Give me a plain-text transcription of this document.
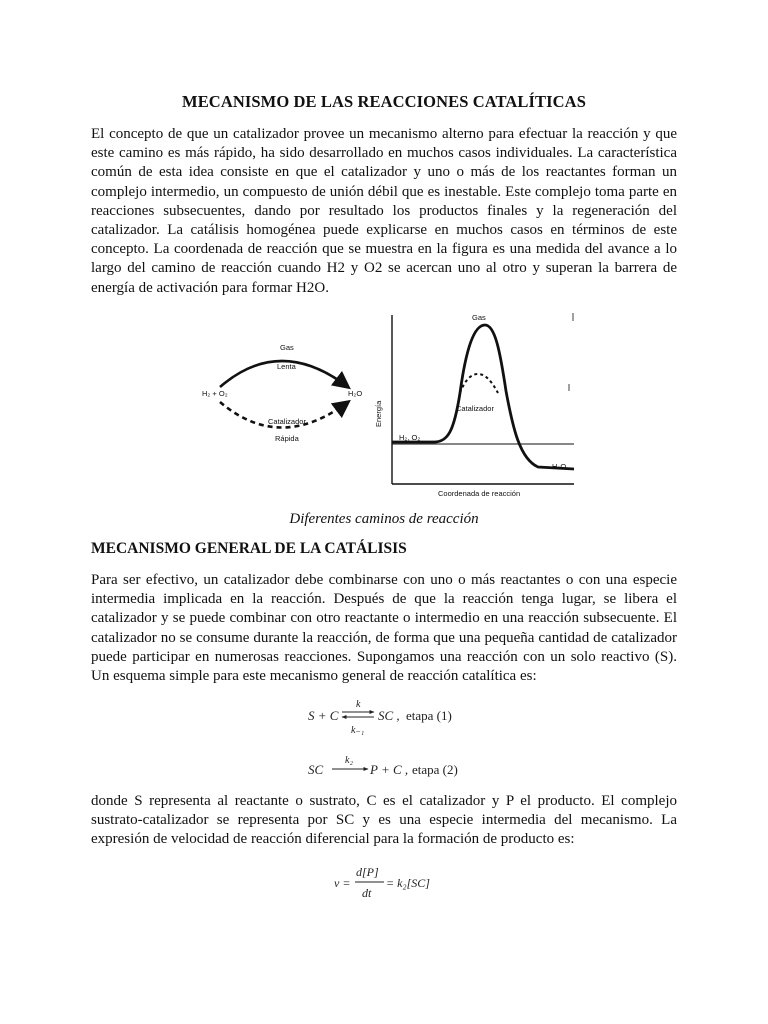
MECANISMO DE LAS REACCIONES CATALÍTICAS

El concepto de que un catalizador provee un mecanismo alterno para efectuar la reacción y que este camino es más rápido, ha sido desarrollado en muchos casos individuales. La característica común de esta idea consiste en que el catalizador y uno o más de los reactantes forman un complejo intermedio, un compuesto de unión débil que es inestable. Este complejo toma parte en reacciones subsecuentes, dando por resultado los productos finales y la regeneración del catalizador. La catálisis homogénea puede explicarse en muchos casos en términos de este concepto. La coordenada de reacción que se muestra en la figura es una medida del avance a lo largo del camino de reacción cuando H2 y O2 se acercan uno al otro y superan la barrera de energía de activación para formar H2O.

H₂ + O₂	H₂O
Gas
Lenta
Catalizador
Rápida
Gas
Catalizador
H₂, O₂
H₂O
Coordenada de reacción
Energía
Diferentes caminos de reacción
MECANISMO GENERAL DE LA CATÁLISIS

Para ser efectivo, un catalizador debe combinarse con uno o más reactantes o con una especie intermedia implicada en la reacción. Después de que la reacción tenga lugar, se libera el catalizador y se puede combinar con otro reactante o intermedio en una reacción subsecuente. El catalizador no se consume durante la reacción, de forma que una pequeña cantidad de catalizador puede participar en numerosas reacciones. Supongamos una reacción con un solo reactivo (S). Un esquema simple para este mecanismo general de reacción catalítica es:

S + C
k
k₋₁
SC , etapa (1)
SC
k₂
P + C , etapa (2)

donde S representa al reactante o sustrato, C es el catalizador y P el producto. El complejo sustrato-catalizador se representa por SC y es una especie intermedia del mecanismo. La expresión de velocidad de reacción diferencial para la formación de producto es:

v =
d[P]
dt
= k₂[SC]
